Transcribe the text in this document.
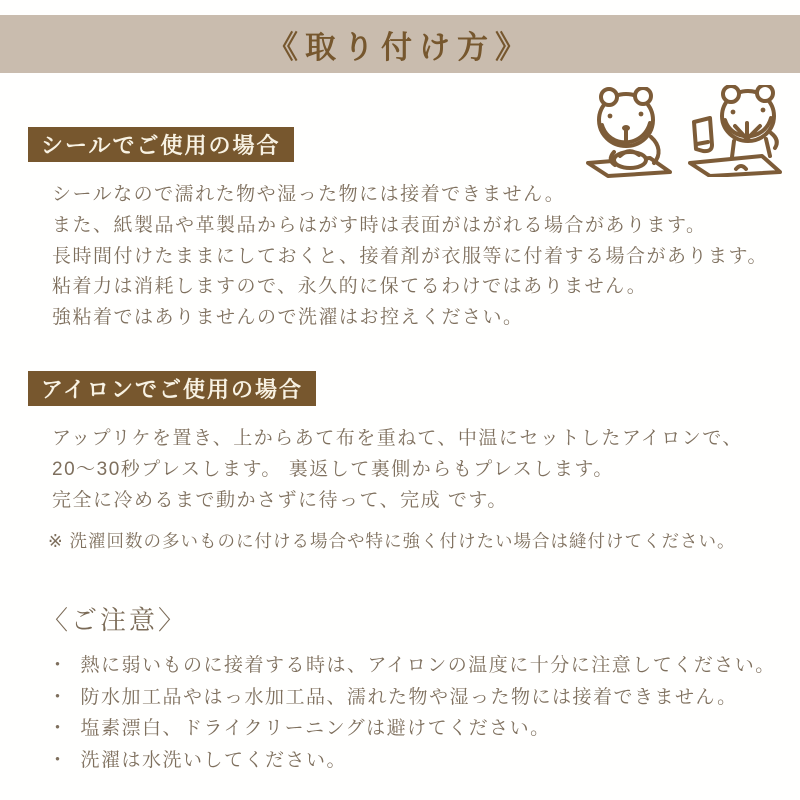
《取り付け方》
シールでご使用の場合

シールなので濡れた物や湿った物には接着できません。

また、紙製品や革製品からはがす時は表面がはがれる場合があります。

長時間付けたままにしておくと、接着剤が衣服等に付着する場合があります。

粘着力は消耗しますので、永久的に保てるわけではありません。

強粘着ではありませんので洗濯はお控えください。

アイロンでご使用の場合

アップリケを置き、上からあて布を重ねて、中温にセットしたアイロンで、

20〜30秒プレスします。 裏返して裏側からもプレスします。

完全に冷めるまで動かさずに待って、完成 です。

※ 洗濯回数の多いものに付ける場合や特に強く付けたい場合は縫付けてください。
〈ご注意〉
・ 熱に弱いものに接着する時は、アイロンの温度に十分に注意してください。
・ 防水加工品やはっ水加工品、濡れた物や湿った物には接着できません。
・ 塩素漂白、ドライクリーニングは避けてください。
・ 洗濯は水洗いしてください。
